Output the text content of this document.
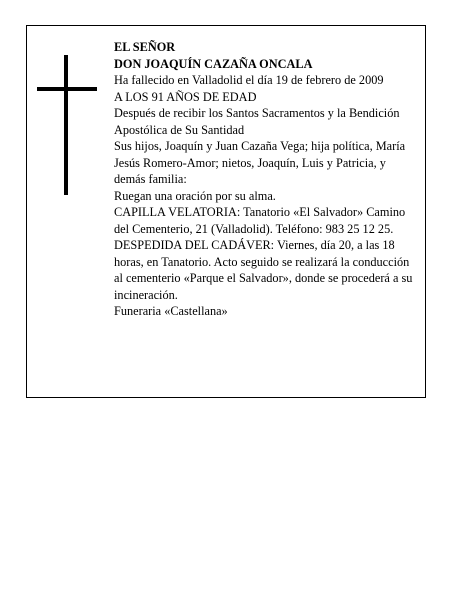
EL SEÑOR

DON JOAQUÍN CAZAÑA ONCALA

Ha fallecido en Valladolid el día 19 de febrero de 2009

A LOS 91 AÑOS DE EDAD

Después de recibir los Santos Sacramentos y la Bendición Apostólica de Su Santidad

Sus hijos, Joaquín y Juan Cazaña Vega; hija política, María Jesús Romero-Amor; nietos, Joaquín, Luis y Patricia, y demás familia:

Ruegan una oración por su alma.

CAPILLA VELATORIA: Tanatorio «El Salvador» Camino del Cementerio, 21 (Valladolid). Teléfono: 983 25 12 25.

DESPEDIDA DEL CADÁVER: Viernes, día 20, a las 18 horas, en Tanatorio. Acto seguido se realizará la conducción al cementerio «Parque el Salvador», donde se procederá a su incineración.

Funeraria «Castellana»
